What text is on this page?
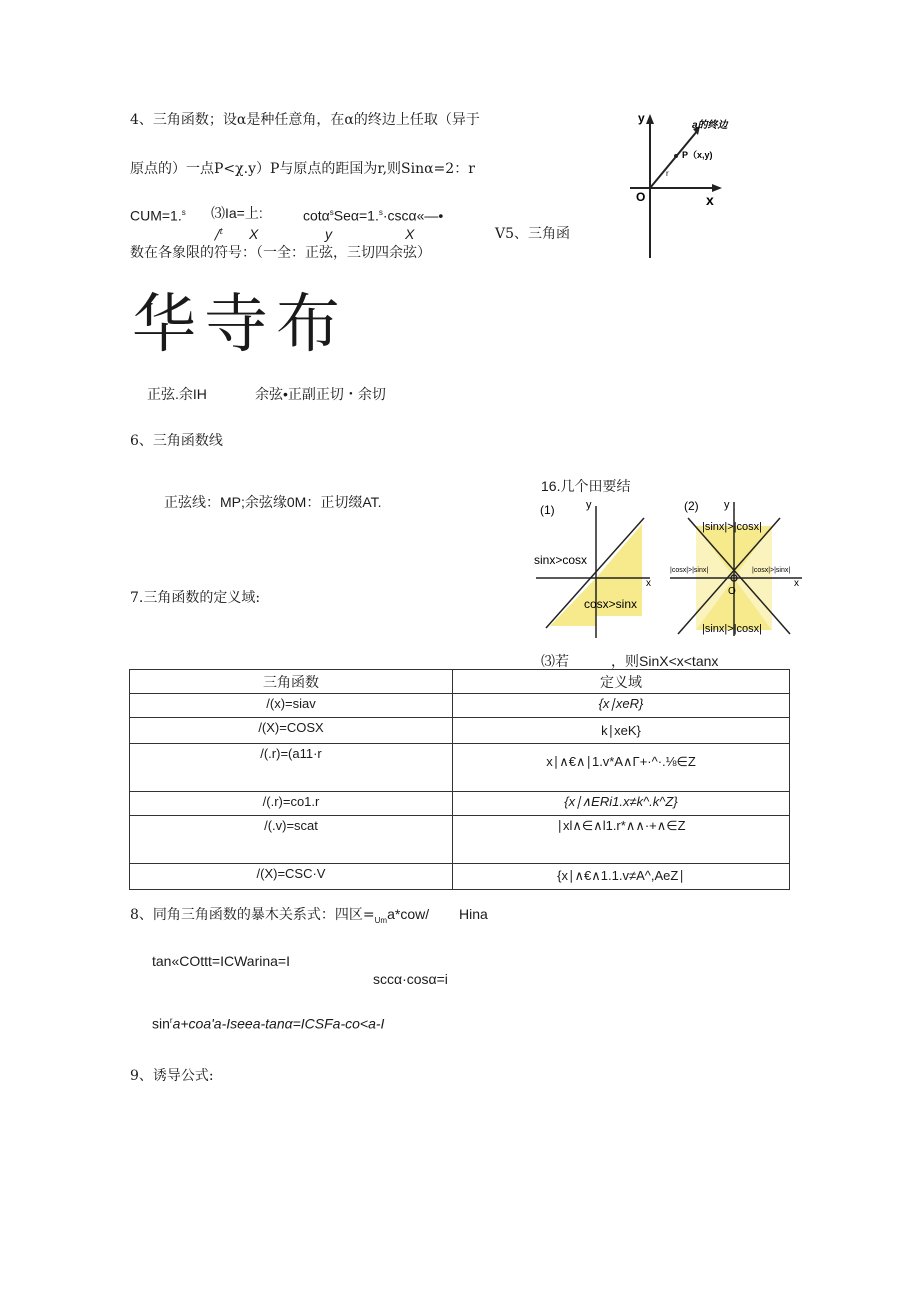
4、三角函数；设α是种任意角，在α的终边上任取（异于
原点的）一点P<χ.y）P与原点的距国为r,则Sinα=2：r
CUM=1.$^s$ ⑶Ia=上:	cotα$^s$Seα=1.$^s$·cscα«—•
/$^t$ X	y	X	V5、三角函
数在各象限的符号：（一全：正弦，三切四余弦）
y
x
O
a的终边
P（x,y)
r
华寺布
正弦.余IH	余弦•正副正切・余切
6、三角函数线
正弦线：MP;余弦缘0M：正切缀AT.
16.几个田要结
(1)	y
x
sinx>cosx
cosx>sinx
(2) y
x
|sinx|>|cosx|
|sinx|>|cosx|
|cosx|>|sinx|	|cosx|>|sinx|
O
⑶若　　　，则SinX<x<tanx
7.三角函数的定义域:
三角函数	定义域
/(x)=siav	{x∣xeR}
/(X)=COSX	k∣xeK}
/(.r)=(a11·r	x∣∧€∧∣1.v*A∧Γ+·^·.⅛∈Z
/(.r)=co1.r	{x∣∧ERi1.x≠k^.k^Z}
/(.v)=scat	∣xl∧∈∧l1.r*∧∧·+∧∈Z
/(X)=CSC·V	{x∣∧€∧1.1.v≠A^,AeZ∣
8、同角三角函数的暴木关系式：四区$=_{Um}a*cow/$ Hina
tan«COttt=ICWarina=I
sccα·cosα=i
$\sin^ra+coa'a-Iseea-\tan\alpha=ICSFa-co<a-I$
9、诱导公式:
